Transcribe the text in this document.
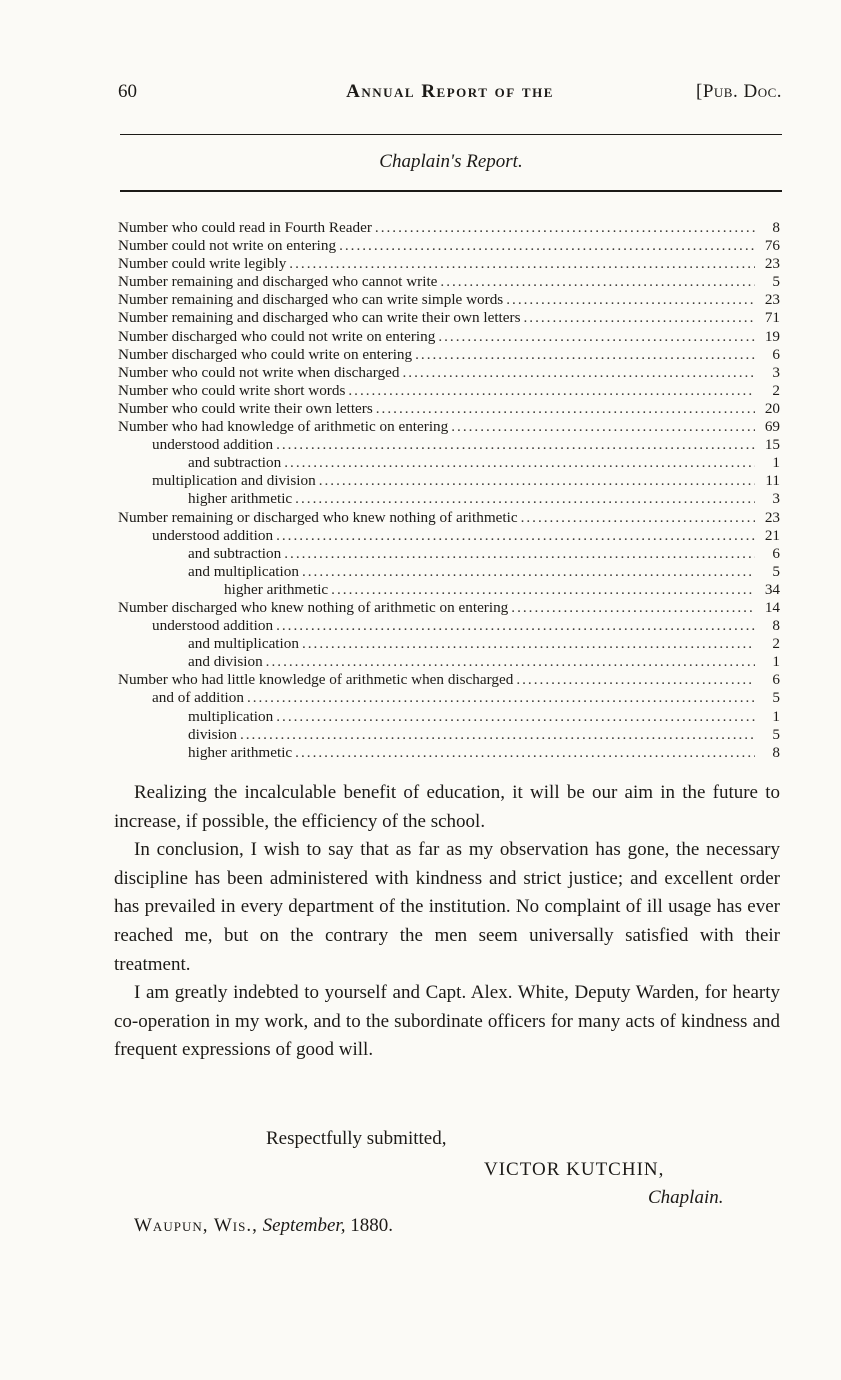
60	Annual Report of the	[Pub. Doc.
Chaplain's Report.
Number who could read in Fourth Reader .....	8
Number could not write on entering .....	76
Number could write legibly .....	23
Number remaining and discharged who cannot write .....	5
Number remaining and discharged who can write simple words .....	23
Number remaining and discharged who can write their own letters .....	71
Number discharged who could not write on entering .....	19
Number discharged who could write on entering .....	6
Number who could not write when discharged .....	3
Number who could write short words .....	2
Number who could write their own letters .....	20
Number who had knowledge of arithmetic on entering .....	69
understood addition .....	15
and subtraction .....	1
multiplication and division .....	11
higher arithmetic .....	3
Number remaining or discharged who knew nothing of arithmetic .....	23
understood addition .....	21
and subtraction .....	6
and multiplication .....	5
higher arithmetic .....	34
Number discharged who knew nothing of arithmetic on entering .....	14
understood addition .....	8
and multiplication .....	2
and division .....	1
Number who had little knowledge of arithmetic when discharged .....	6
and of addition .....	5
multiplication .....	1
division .....	5
higher arithmetic .....	8

Realizing the incalculable benefit of education, it will be our aim in the future to increase, if possible, the efficiency of the school.

In conclusion, I wish to say that as far as my observation has gone, the necessary discipline has been administered with kindness and strict justice; and excellent order has prevailed in every department of the institution. No complaint of ill usage has ever reached me, but on the contrary the men seem universally satisfied with their treatment.

I am greatly indebted to yourself and Capt. Alex. White, Deputy Warden, for hearty co-operation in my work, and to the subordinate officers for many acts of kindness and frequent expressions of good will.

Respectfully submitted,
VICTOR KUTCHIN,
Chaplain.
Waupun, Wis., September, 1880.
